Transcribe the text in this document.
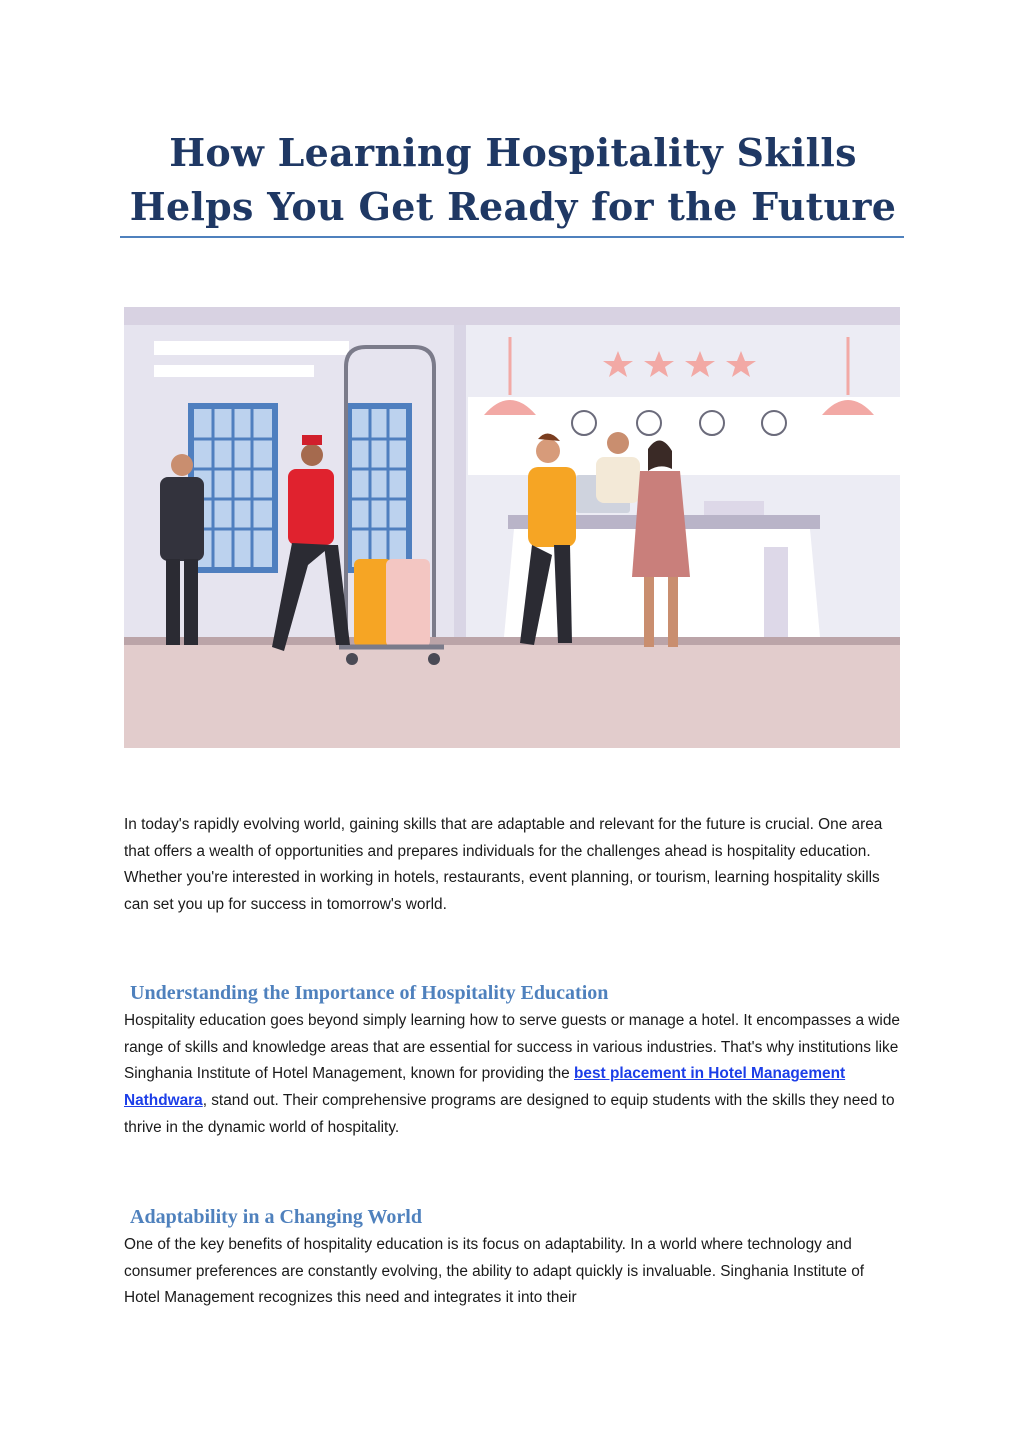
How Learning Hospitality Skills
Helps You Get Ready for the Future

In today's rapidly evolving world, gaining skills that are adaptable and relevant for the future is crucial. One area that offers a wealth of opportunities and prepares individuals for the challenges ahead is hospitality education. Whether you're interested in working in hotels, restaurants, event planning, or tourism, learning hospitality skills can set you up for success in tomorrow's world.

Understanding the Importance of Hospitality Education

Hospitality education goes beyond simply learning how to serve guests or manage a hotel. It encompasses a wide range of skills and knowledge areas that are essential for success in various industries. That's why institutions like Singhania Institute of Hotel Management, known for providing the best placement in Hotel Management Nathdwara, stand out. Their comprehensive programs are designed to equip students with the skills they need to thrive in the dynamic world of hospitality.

Adaptability in a Changing World

One of the key benefits of hospitality education is its focus on adaptability. In a world where technology and consumer preferences are constantly evolving, the ability to adapt quickly is invaluable. Singhania Institute of Hotel Management recognizes this need and integrates it into their
